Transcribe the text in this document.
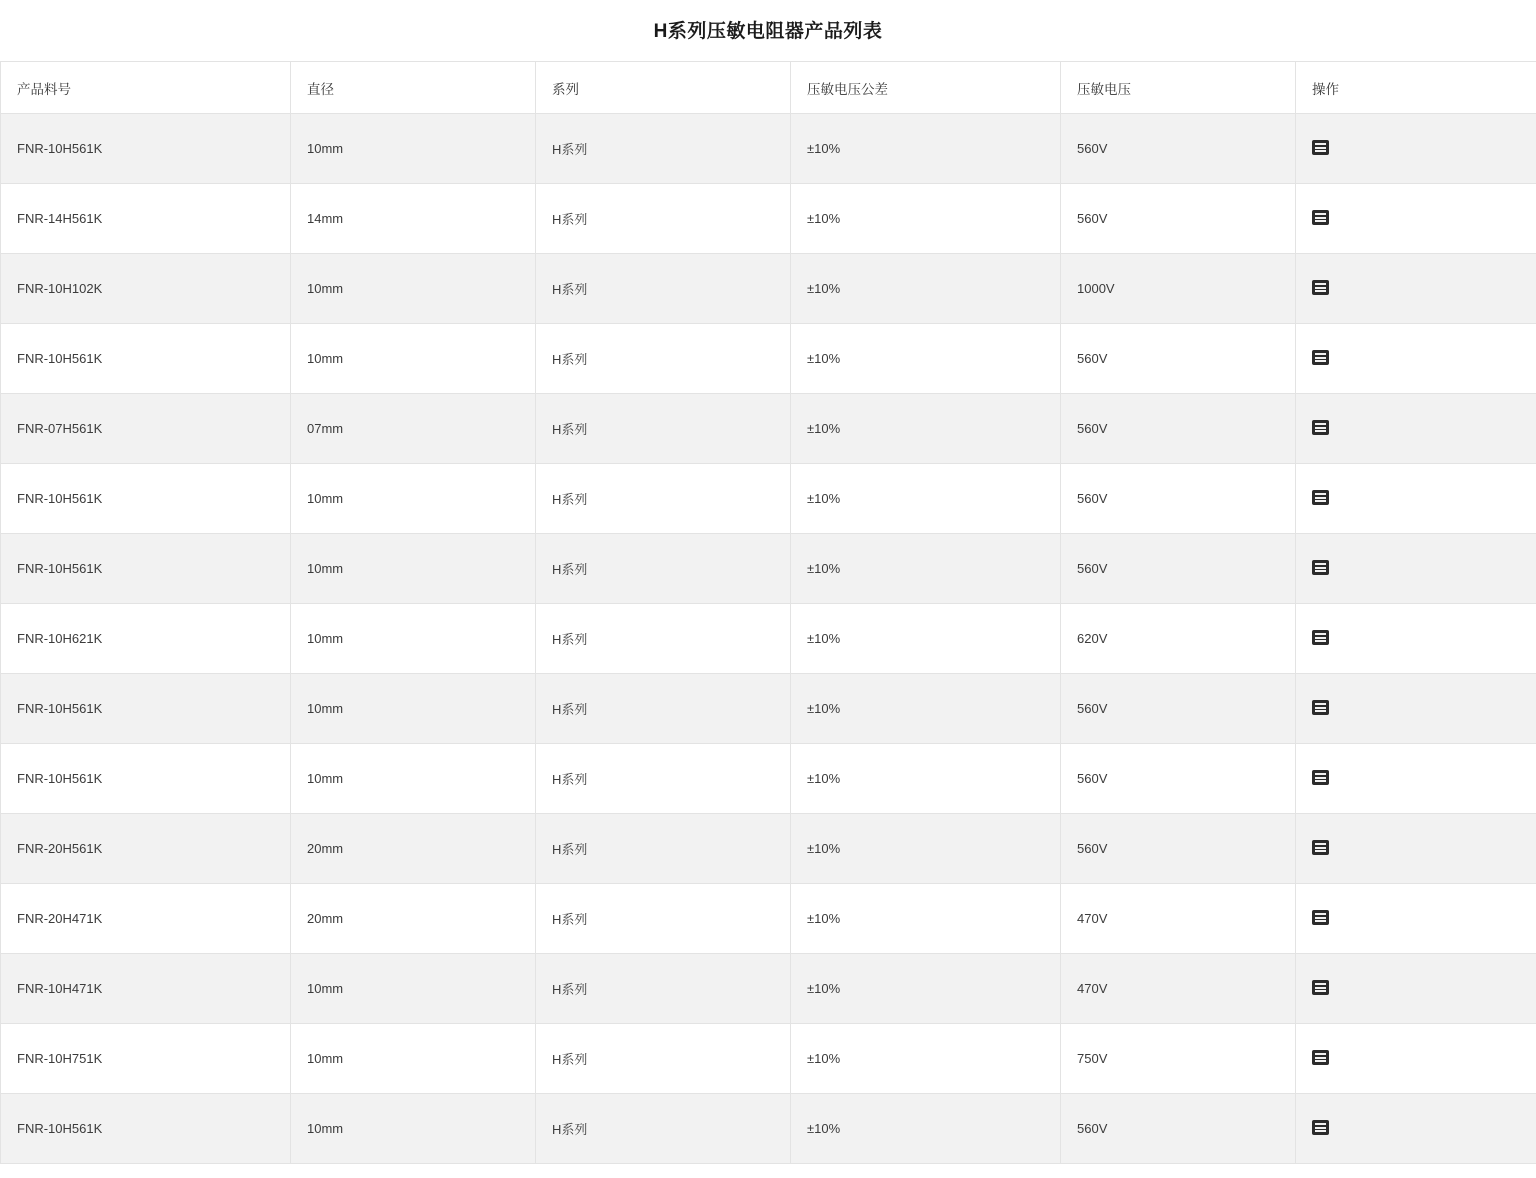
H系列压敏电阻器产品列表
产品料号	直径	系列	压敏电压公差	压敏电压	操作
FNR-10H561K	10mm	H系列	±10%	560V	
FNR-14H561K	14mm	H系列	±10%	560V	
FNR-10H102K	10mm	H系列	±10%	1000V	
FNR-10H561K	10mm	H系列	±10%	560V	
FNR-07H561K	07mm	H系列	±10%	560V	
FNR-10H561K	10mm	H系列	±10%	560V	
FNR-10H561K	10mm	H系列	±10%	560V	
FNR-10H621K	10mm	H系列	±10%	620V	
FNR-10H561K	10mm	H系列	±10%	560V	
FNR-10H561K	10mm	H系列	±10%	560V	
FNR-20H561K	20mm	H系列	±10%	560V	
FNR-20H471K	20mm	H系列	±10%	470V	
FNR-10H471K	10mm	H系列	±10%	470V	
FNR-10H751K	10mm	H系列	±10%	750V	
FNR-10H561K	10mm	H系列	±10%	560V	
